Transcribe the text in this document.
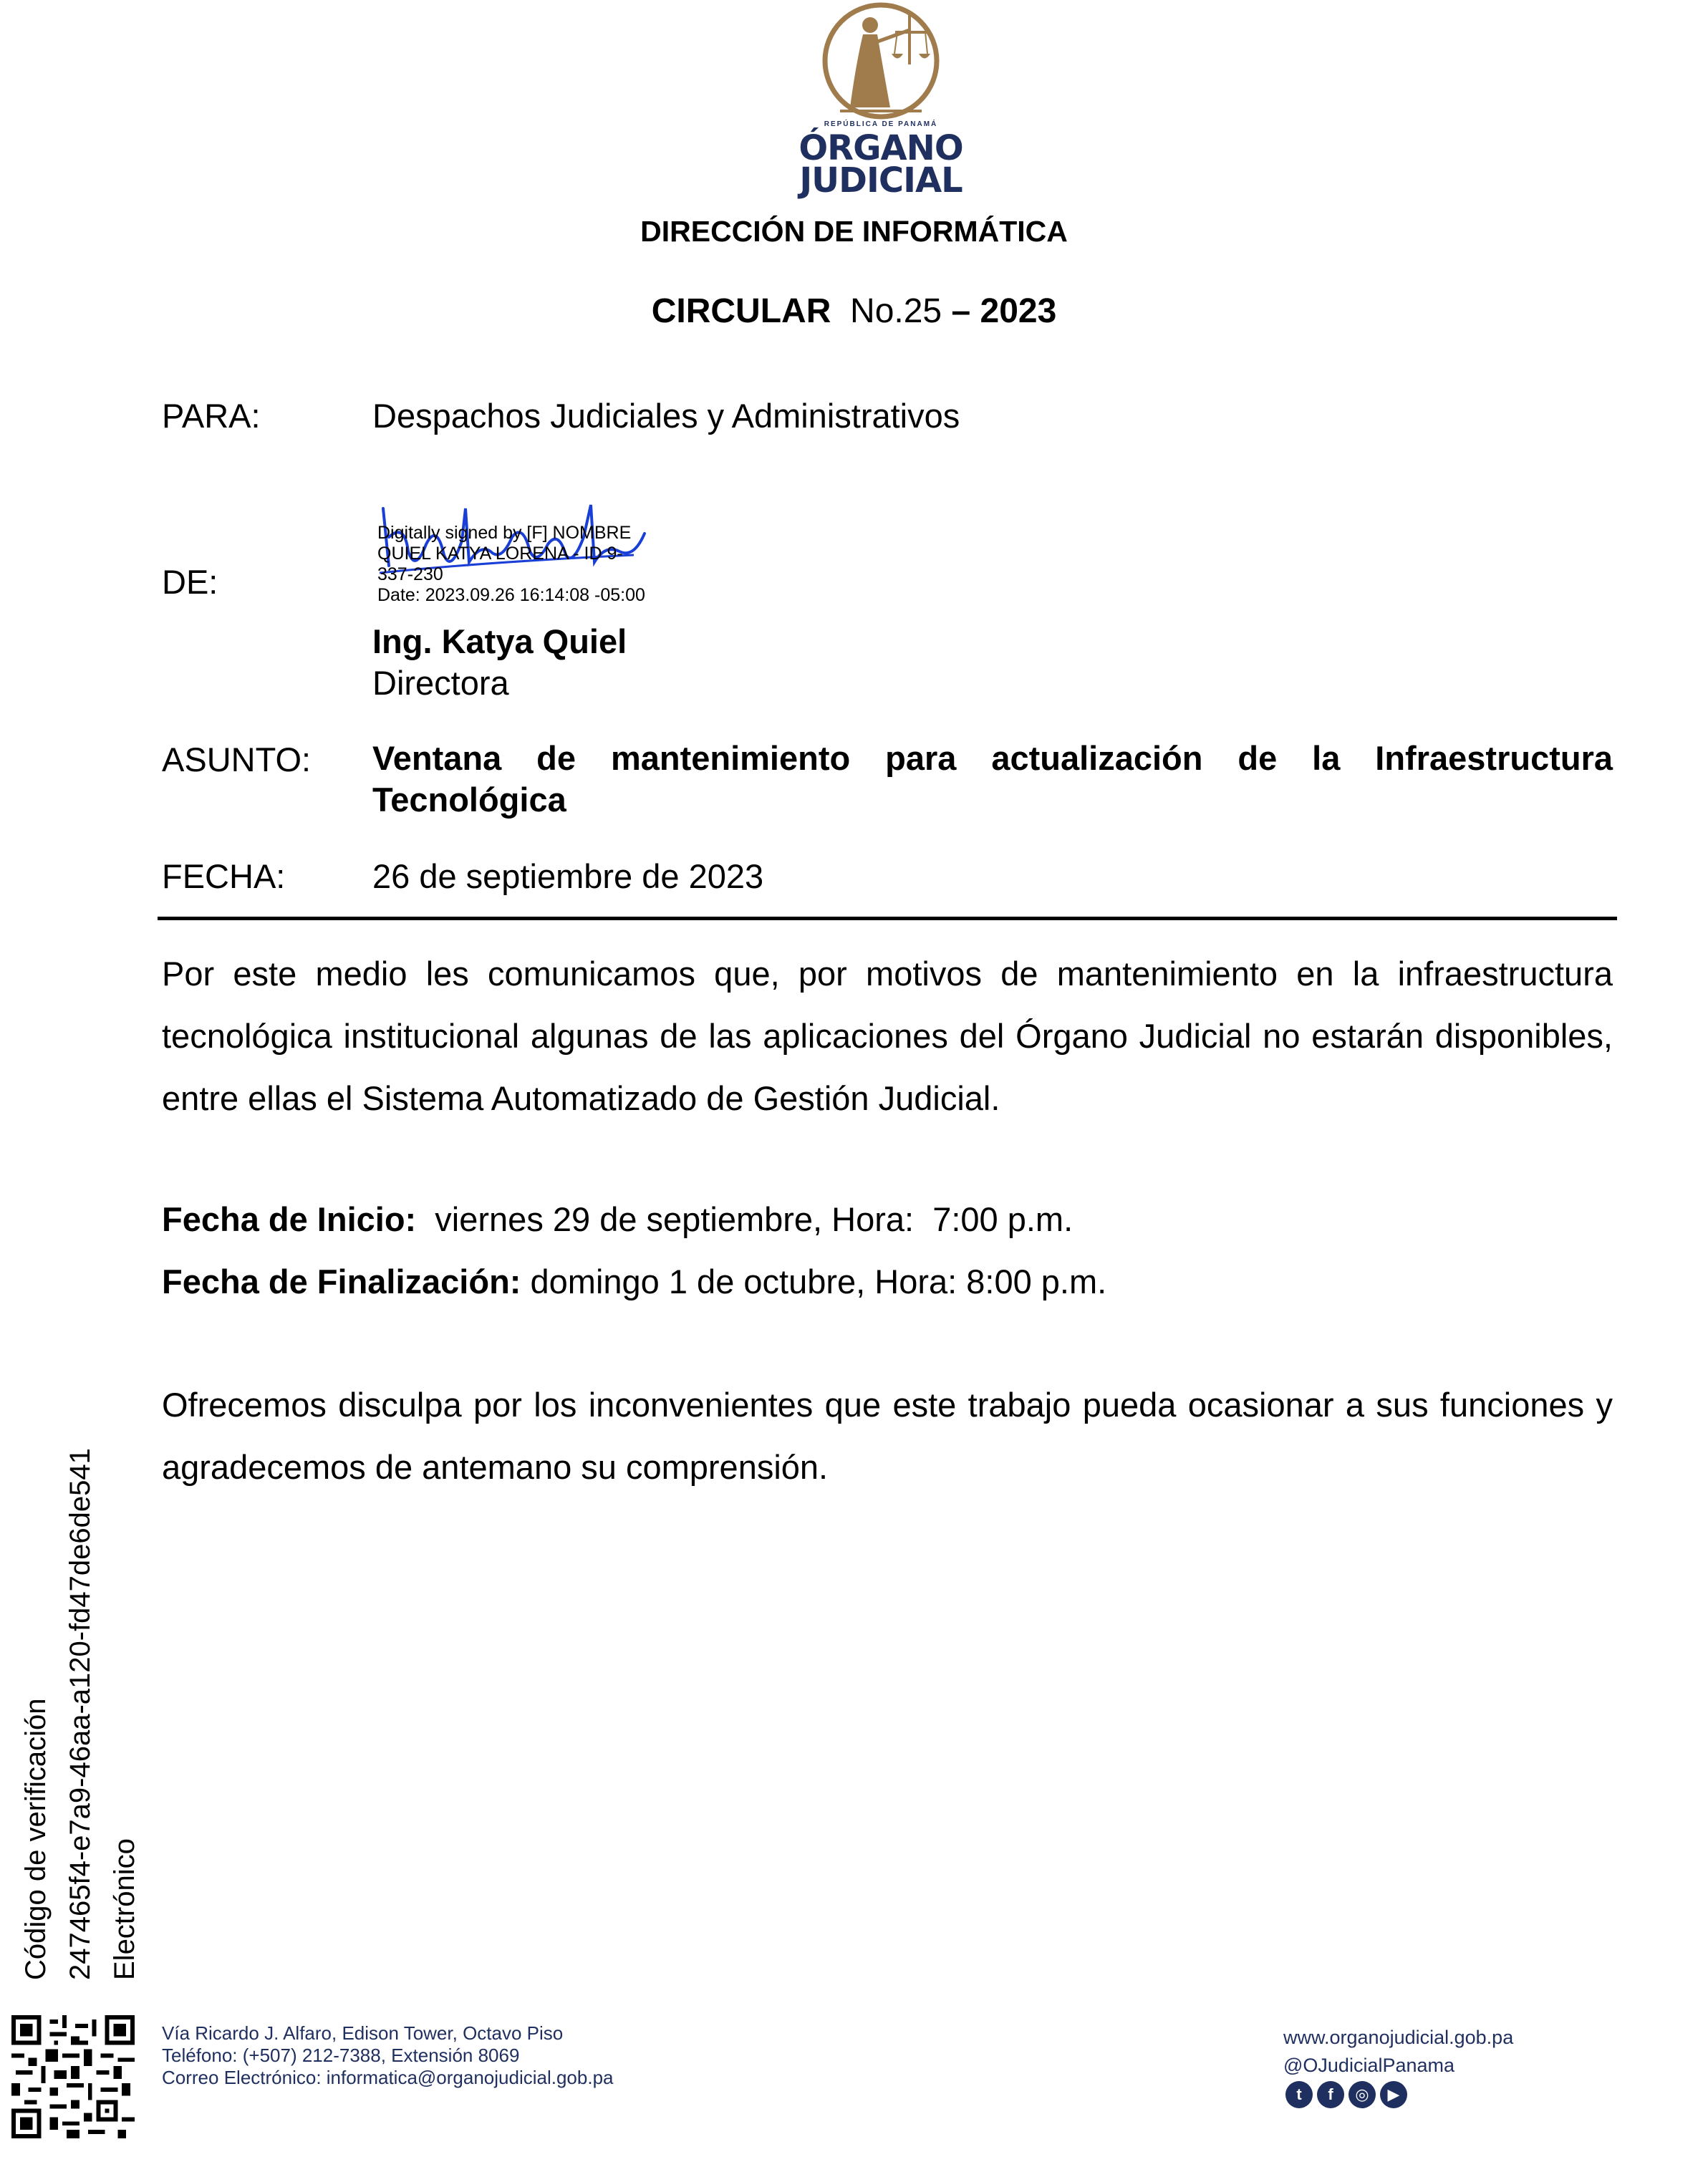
REPÚBLICA DE PANAMÁ
ÓRGANO
JUDICIAL
DIRECCIÓN DE INFORMÁTICA
CIRCULAR No.25 – 2023
PARA:	Despachos Judiciales y Administrativos
DE:
Digitally signed by [F] NOMBRE
QUIEL KATYA LORENA - ID 9-
337-230
Date: 2023.09.26 16:14:08 -05:00
Ing. Katya Quiel
Directora
ASUNTO: Ventana de mantenimiento para actualización de la Infraestructura Tecnológica
FECHA:	26 de septiembre de 2023
Por este medio les comunicamos que, por motivos de mantenimiento en la infraestructura tecnológica institucional algunas de las aplicaciones del Órgano Judicial no estarán disponibles, entre ellas el Sistema Automatizado de Gestión Judicial.
Fecha de Inicio:  viernes 29 de septiembre, Hora:  7:00 p.m.
Fecha de Finalización: domingo 1 de octubre, Hora: 8:00 p.m.
Ofrecemos disculpa por los inconvenientes que este trabajo pueda ocasionar a sus funciones y agradecemos de antemano su comprensión.
Código de verificación 247465f4-e7a9-46aa-a120-fd47de6de541 Electrónico
Vía Ricardo J. Alfaro, Edison Tower, Octavo Piso
Teléfono: (+507) 212-7388, Extensión 8069
Correo Electrónico: informatica@organojudicial.gob.pa
www.organojudicial.gob.pa
@OJudicialPanama
t	f	◎	▶
